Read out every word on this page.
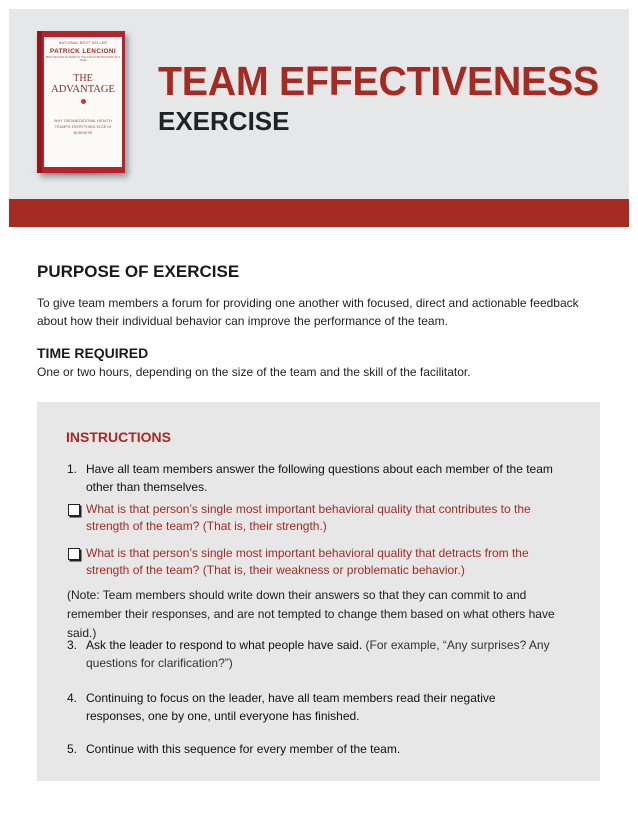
NATIONAL BEST SELLER
PATRICK LENCIONI
BEST-SELLING AUTHOR OF THE FIVE DYSFUNCTIONS OF A TEAM
THE
ADVANTAGE
WHY ORGANIZATIONAL HEALTH TRUMPS EVERYTHING ELSE IN BUSINESS
TEAM EFFECTIVENESS
EXERCISE
PURPOSE OF EXERCISE
To give team members a forum for providing one another with focused, direct and actionable feedback about how their individual behavior can improve the performance of the team.
TIME REQUIRED
One or two hours, depending on the size of the team and the skill of the facilitator.
INSTRUCTIONS
1. Have all team members answer the following questions about each member of the team other than themselves.
What is that person’s single most important behavioral quality that contributes to the strength of the team? (That is, their strength.)
What is that person’s single most important behavioral quality that detracts from the strength of the team? (That is, their weakness or problematic behavior.)
(Note: Team members should write down their answers so that they can commit to and remember their responses, and are not tempted to change them based on what others have said.)
3. Ask the leader to respond to what people have said. (For example, “Any surprises? Any questions for clarification?”)
4. Continuing to focus on the leader, have all team members read their negative responses, one by one, until everyone has finished.
5. Continue with this sequence for every member of the team.
